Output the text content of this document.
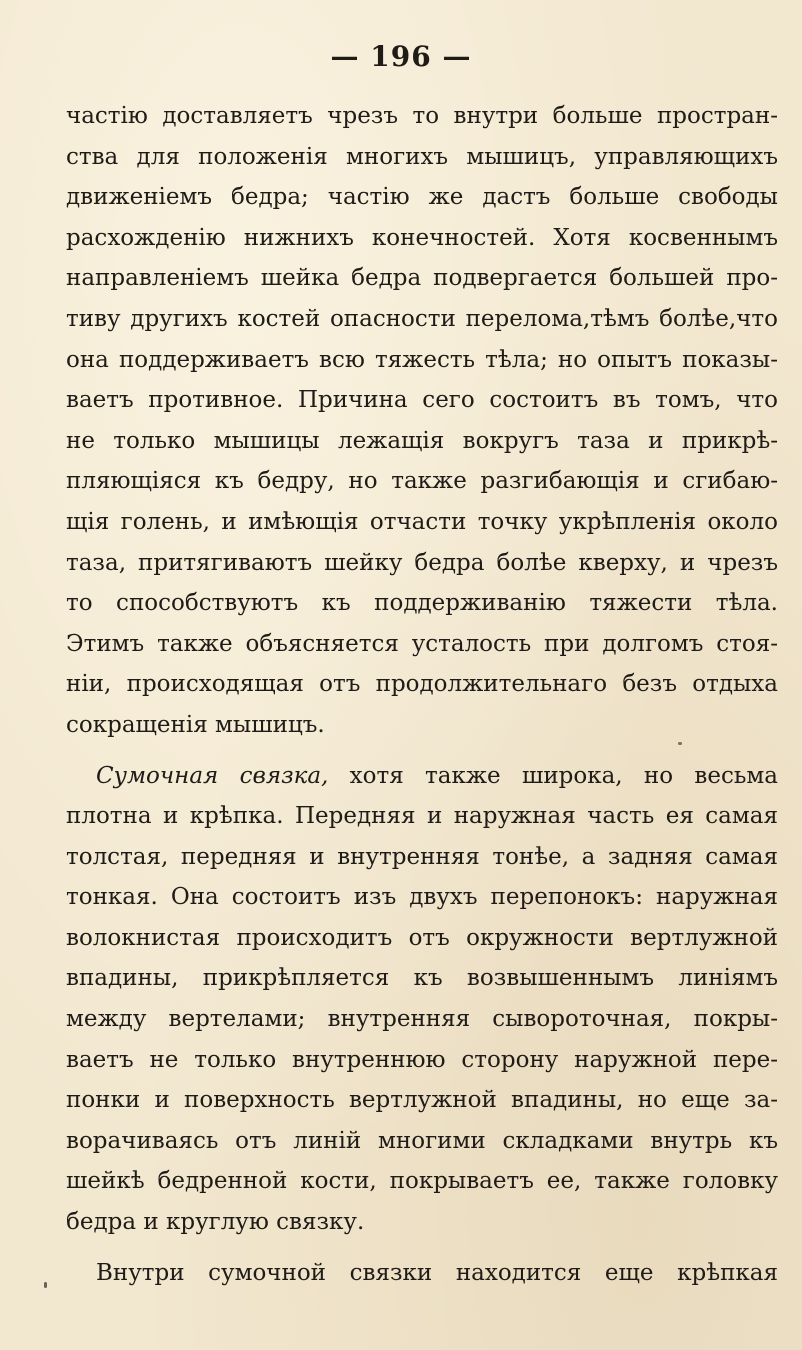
— 196 —
частію доставляетъ чрезъ то внутри больше простран-
ства для положенія многихъ мышицъ, управляющихъ
движеніемъ бедра; частію же дастъ больше свободы
расхожденію нижнихъ конечностей. Хотя косвеннымъ
направленіемъ шейка бедра подвергается большей про-
тиву другихъ костей опасности перелома,тѣмъ болѣе,что
она поддерживаетъ всю тяжесть тѣла; но опытъ показы-
ваетъ противное. Причина сего состоитъ въ томъ, что
не только мышицы лежащія вокругъ таза и прикрѣ-
пляющіяся къ бедру, но также разгибающія и сгибаю-
щія голень, и имѣющія отчасти точку укрѣпленія около
таза, притягиваютъ шейку бедра болѣе кверху, и чрезъ
то способствуютъ къ поддерживанію тяжести тѣла.
Этимъ также объясняется усталость при долгомъ стоя-
ніи, происходящая отъ продолжительнаго безъ отдыха
сокращенія мышицъ.
Сумочная связка, хотя также широка, но весьма
плотна и крѣпка. Передняя и наружная часть ея самая
толстая, передняя и внутренняя тонѣе, а задняя самая
тонкая. Она состоитъ изъ двухъ перепонокъ: наружная
волокнистая происходитъ отъ окружности вертлужной
впадины, прикрѣпляется къ возвышеннымъ линіямъ
между вертелами; внутренняя сывороточная, покры-
ваетъ не только внутреннюю сторону наружной пере-
понки и поверхность вертлужной впадины, но еще за-
ворачиваясь отъ линій многими складками внутрь къ
шейкѣ бедренной кости, покрываетъ ее, также головку
бедра и круглую связку.
Внутри сумочной связки находится еще крѣпкая
